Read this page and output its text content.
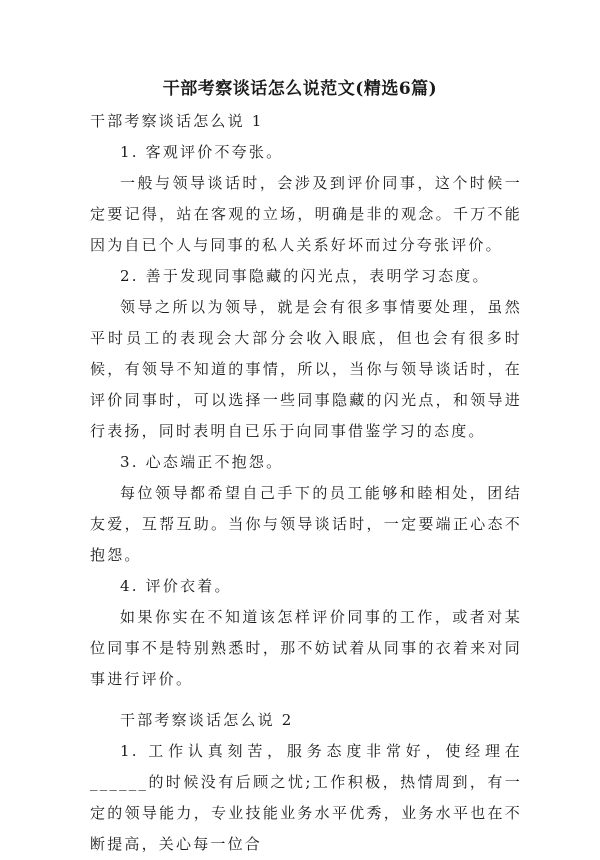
干部考察谈话怎么说范文(精选6篇)

干部考察谈话怎么说 1

1. 客观评价不夸张。

一般与领导谈话时，会涉及到评价同事，这个时候一定要记得，站在客观的立场，明确是非的观念。千万不能因为自已个人与同事的私人关系好坏而过分夸张评价。

2. 善于发现同事隐藏的闪光点，表明学习态度。

领导之所以为领导，就是会有很多事情要处理，虽然平时员工的表现会大部分会收入眼底，但也会有很多时候，有领导不知道的事情，所以，当你与领导谈话时，在评价同事时，可以选择一些同事隐藏的闪光点，和领导进行表扬，同时表明自已乐于向同事借鉴学习的态度。

3. 心态端正不抱怨。

每位领导都希望自己手下的员工能够和睦相处，团结友爱，互帮互助。当你与领导谈话时，一定要端正心态不抱怨。

4. 评价衣着。

如果你实在不知道该怎样评价同事的工作，或者对某位同事不是特别熟悉时，那不妨试着从同事的衣着来对同事进行评价。

干部考察谈话怎么说 2

1. 工作认真刻苦，服务态度非常好，使经理在______的时候没有后顾之忧;工作积极，热情周到，有一定的领导能力，专业技能业务水平优秀，业务水平也在不断提高，关心每一位合
